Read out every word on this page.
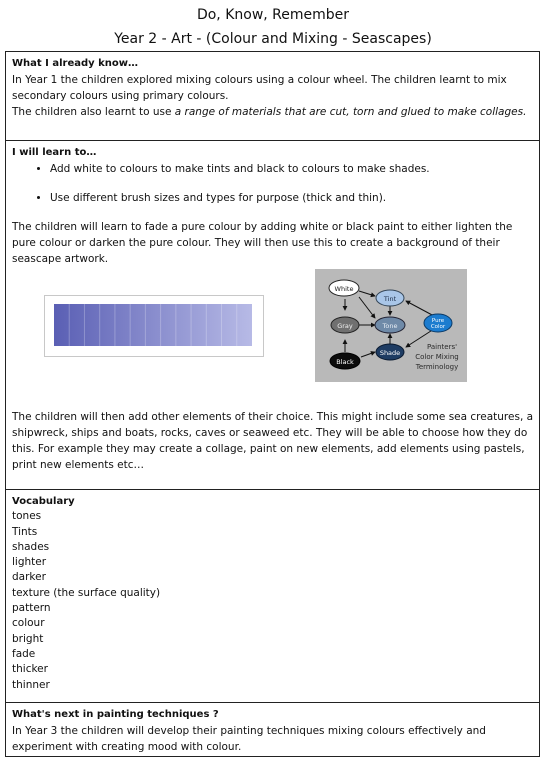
Do, Know, Remember
Year 2 - Art - (Colour and Mixing - Seascapes)
What I already know…

In Year 1 the children explored mixing colours using a colour wheel. The children learnt to mix secondary colours using primary colours.

The children also learnt to use a range of materials that are cut, torn and glued to make collages.

I will learn to…
• Add white to colours to make tints and black to colours to make shades.
• Use different brush sizes and types for purpose (thick and thin).

The children will learn to fade a pure colour by adding white or black paint to either lighten the pure colour or darken the pure colour. They will then use this to create a background of their seascape artwork.

White
Tint
Gray	Tone
Pure
Color
Black
Shade
Painters'
Color Mixing
Terminology

The children will then add other elements of their choice. This might include some sea creatures, a shipwreck, ships and boats, rocks, caves or seaweed etc. They will be able to choose how they do this. For example they may create a collage, paint on new elements, add elements using pastels, print new elements etc…

Vocabulary
tones
Tints
shades
lighter
darker
texture (the surface quality)
pattern
colour
bright
fade
thicker
thinner
What's next in painting techniques ?

In Year 3 the children will develop their painting techniques mixing colours effectively and experiment with creating mood with colour.
